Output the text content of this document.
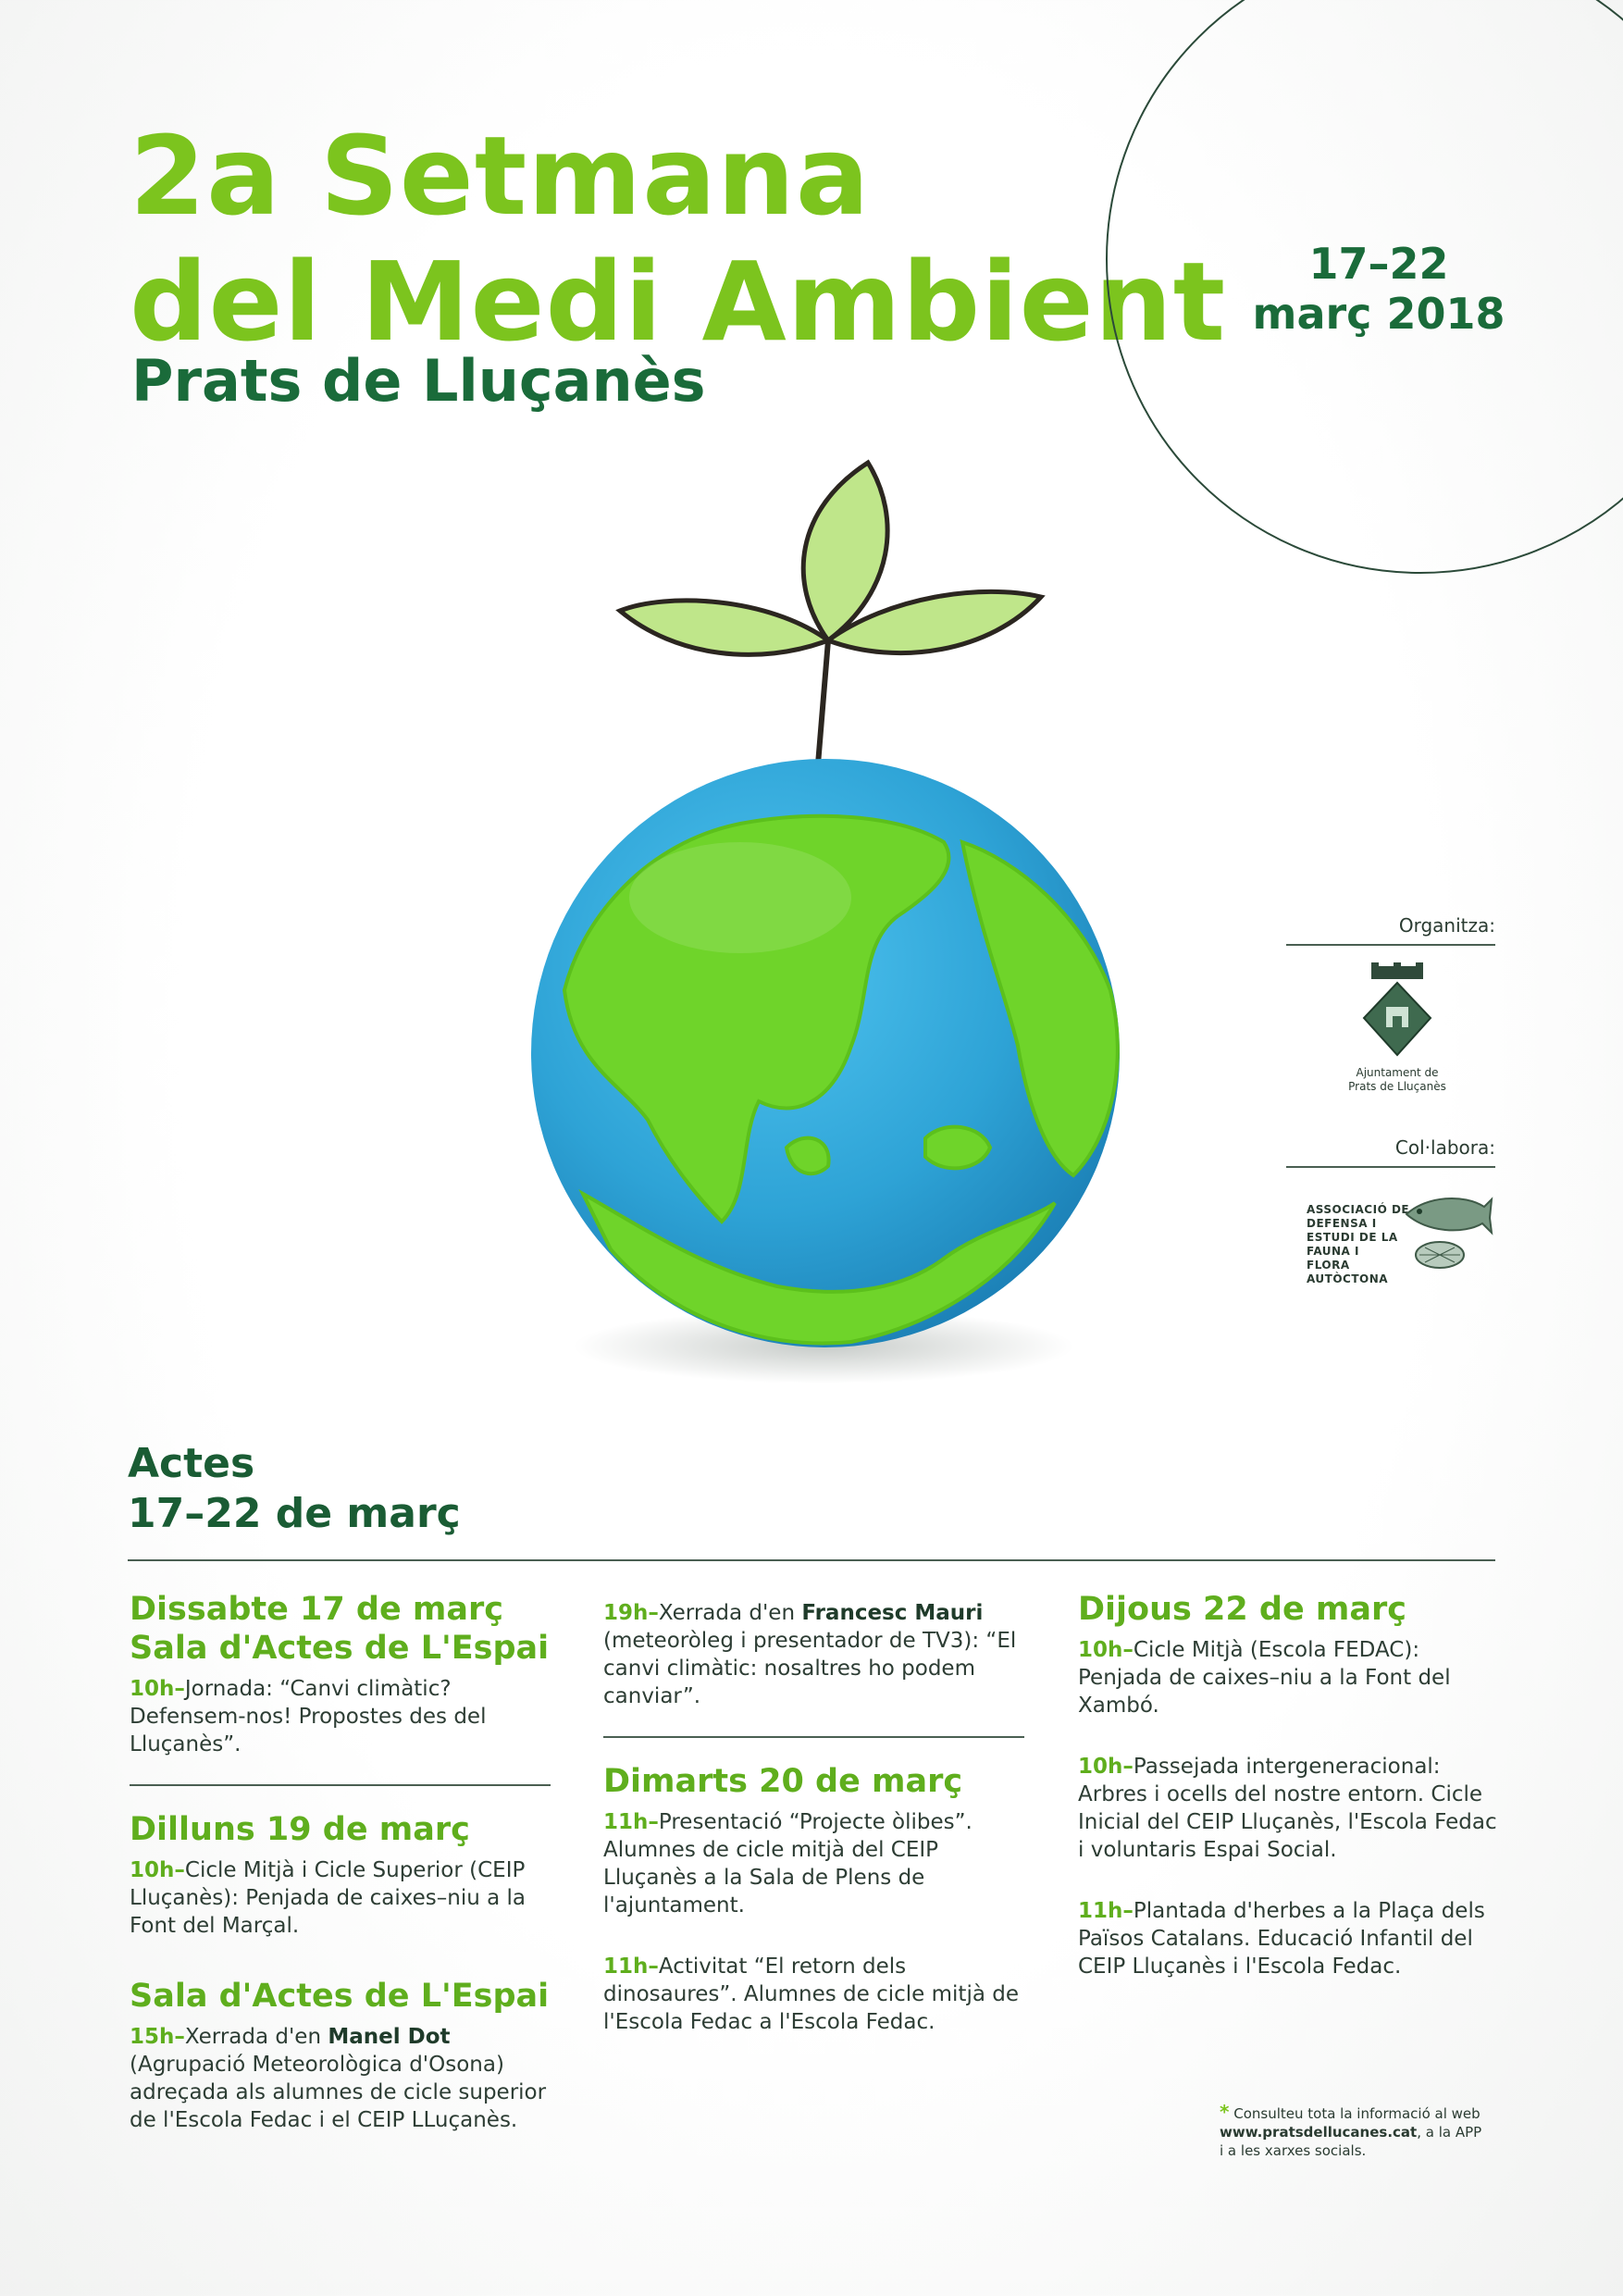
2a Setmana
del Medi Ambient
Prats de Lluçanès
17–22
març 2018
Organitza:
Ajuntament de
Prats de Lluçanès
Col·labora:
ASSOCIACIÓ DE
DEFENSA I
ESTUDI DE LA
FAUNA I
FLORA
AUTÒCTONA
Actes
17–22 de març
Dissabte 17 de març
Sala d'Actes de L'Espai

10h–Jornada: “Canvi climàtic? Defensem-nos! Propostes des del Lluçanès”.

Dilluns 19 de març

10h–Cicle Mitjà i Cicle Superior (CEIP Lluçanès): Penjada de caixes–niu a la Font del Marçal.

Sala d'Actes de L'Espai

15h–Xerrada d'en Manel Dot (Agrupació Meteorològica d'Osona) adreçada als alumnes de cicle superior de l'Escola Fedac i el CEIP LLuçanès.

19h–Xerrada d'en Francesc Mauri (meteoròleg i presentador de TV3): “El canvi climàtic: nosaltres ho podem canviar”.

Dimarts 20 de març

11h–Presentació “Projecte òlibes”. Alumnes de cicle mitjà del CEIP Lluçanès a la Sala de Plens de l'ajuntament.

11h–Activitat “El retorn dels dinosaures”. Alumnes de cicle mitjà de l'Escola Fedac a l'Escola Fedac.

Dijous 22 de març

10h–Cicle Mitjà (Escola FEDAC): Penjada de caixes–niu a la Font del Xambó.

10h–Passejada intergeneracional: Arbres i ocells del nostre entorn. Cicle Inicial del CEIP Lluçanès, l'Escola Fedac i voluntaris Espai Social.

11h–Plantada d'herbes a la Plaça dels Països Catalans. Educació Infantil del CEIP Lluçanès i l'Escola Fedac.

* Consulteu tota la informació al web
www.pratsdellucanes.cat, a la APP
i a les xarxes socials.
